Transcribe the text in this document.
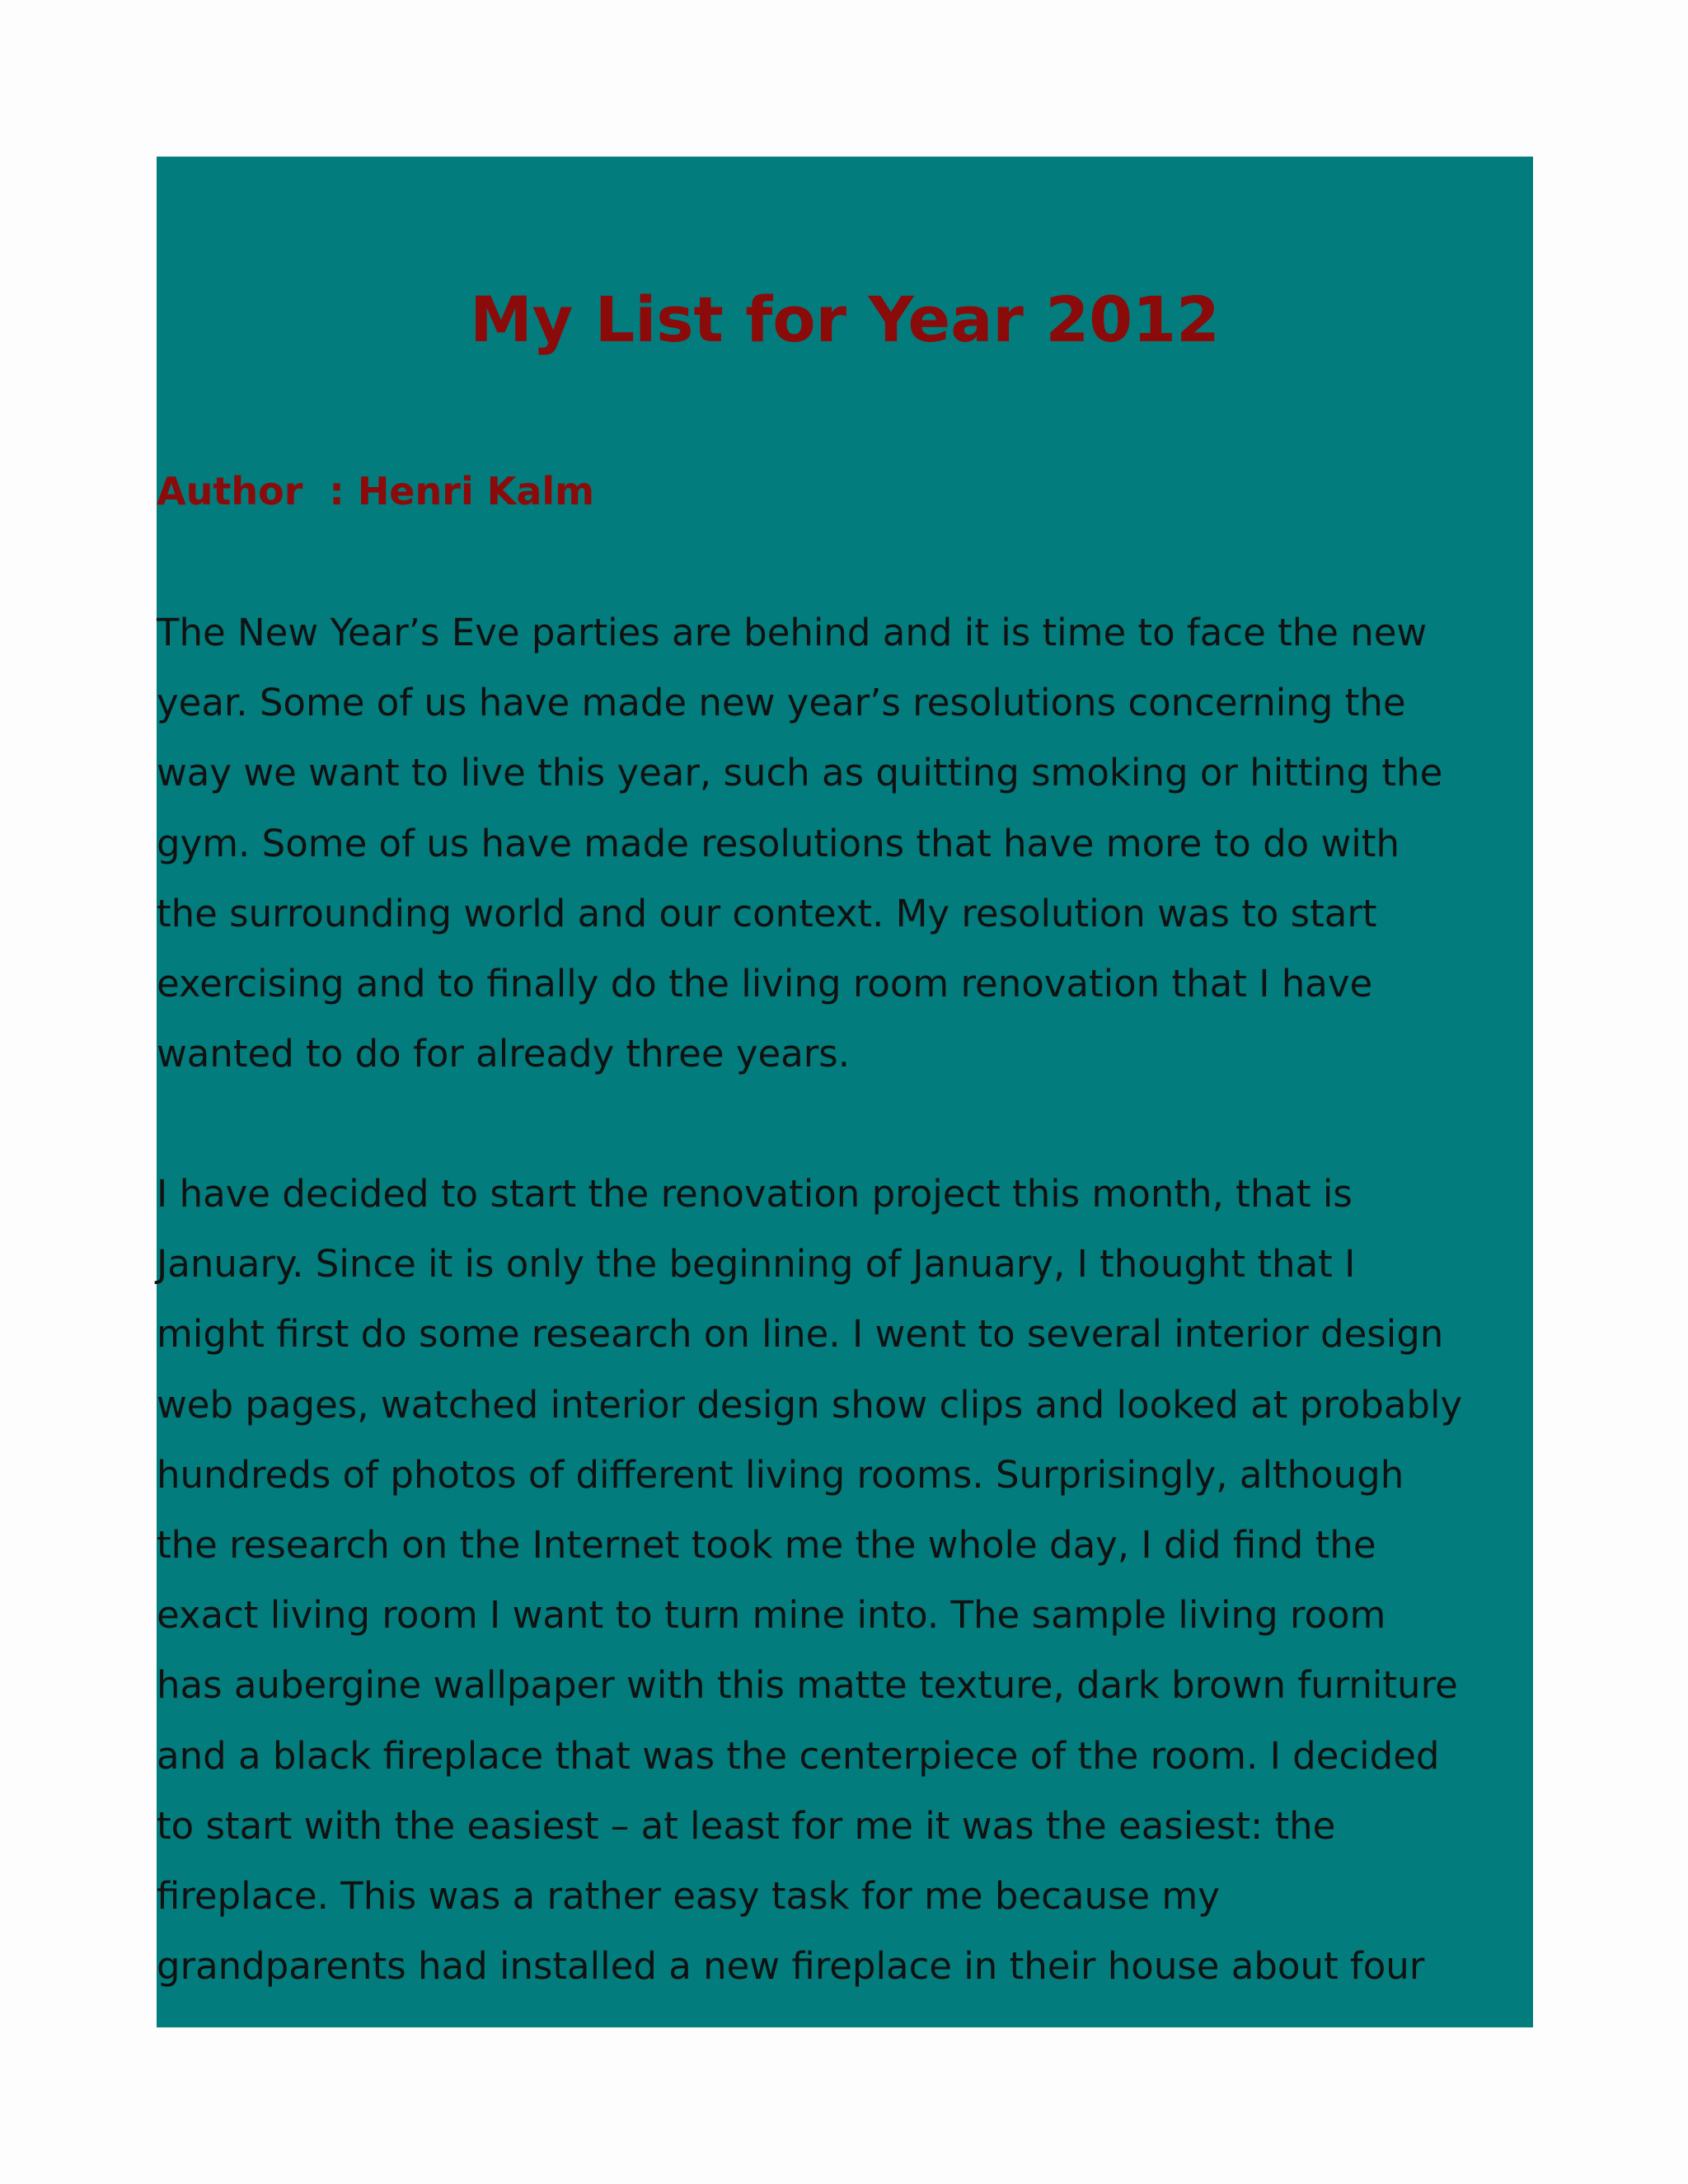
My List for Year 2012

Author  : Henri Kalm

The New Year’s Eve parties are behind and it is time to face the new
year. Some of us have made new year’s resolutions concerning the
way we want to live this year, such as quitting smoking or hitting the
gym. Some of us have made resolutions that have more to do with
the surrounding world and our context. My resolution was to start
exercising and to finally do the living room renovation that I have
wanted to do for already three years.
I have decided to start the renovation project this month, that is
January. Since it is only the beginning of January, I thought that I
might first do some research on line. I went to several interior design
web pages, watched interior design show clips and looked at probably
hundreds of photos of different living rooms. Surprisingly, although
the research on the Internet took me the whole day, I did find the
exact living room I want to turn mine into. The sample living room
has aubergine wallpaper with this matte texture, dark brown furniture
and a black fireplace that was the centerpiece of the room. I decided
to start with the easiest – at least for me it was the easiest: the
fireplace. This was a rather easy task for me because my
grandparents had installed a new fireplace in their house about four
